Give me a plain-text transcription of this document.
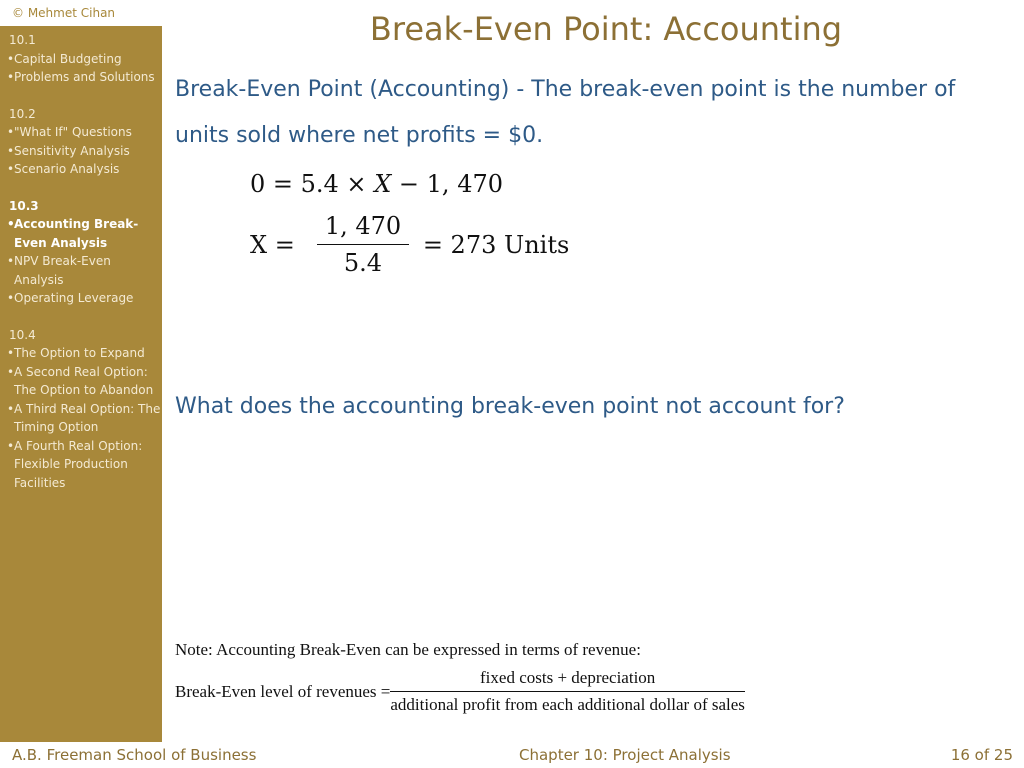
© Mehmet Cihan
10.1
• Capital Budgeting
• Problems and Solutions
10.2
• "What If" Questions
• Sensitivity Analysis
• Scenario Analysis
10.3
• Accounting Break-Even Analysis
• NPV Break-Even Analysis
• Operating Leverage
10.4
• The Option to Expand
• A Second Real Option: The Option to Abandon
• A Third Real Option: The Timing Option
• A Fourth Real Option: Flexible Production Facilities
Break-Even Point: Accounting
Break-Even Point (Accounting) - The break-even point is the number of units sold where net profits = $0.
0 = 5.4 × X − 1, 470
$X = \frac{1, 470}{5.4} = 273$ Units
What does the accounting break-even point not account for?
Note: Accounting Break-Even can be expressed in terms of revenue:
Break-Even level of revenues = $\frac{\text{fixed costs + depreciation}}{\text{additional profit from each additional dollar of sales}}$
A.B. Freeman School of Business	Chapter 10: Project Analysis	16 of 25
